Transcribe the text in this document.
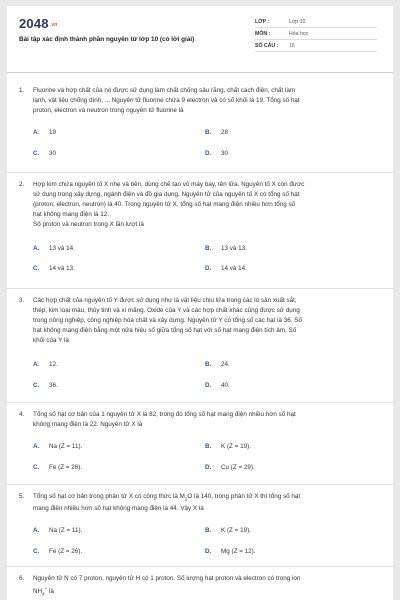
2048.vn
Bài tập xác định thành phần nguyên tử lớp 10 (có lời giải)
LỚP :	Lớp 10
MÔN :	Hóa học
SỐ CÂU :	15
1.	Fluorine và hợp chất của nó được sử dụng làm chất chống sâu răng, chất cách điện, chất làm
lạnh, vật liệu chống dính, ... Nguyên tử fluorine chứa 9 electron và có số khối là 19. Tổng số hạt
proton, electron và neutron trong nguyên tử fluorine là
A. 19	B. 28
C. 30	D. 30
2.	Hợp kim chứa nguyên tố X nhẹ và bền, dùng chế tạo vỏ máy bay, tên lửa. Nguyên tố X còn được
sử dụng trong xây dựng, ngành điện và đồ gia dụng. Nguyên tử của nguyên tố X có tổng số hạt
(proton, electron, neutron) là 40. Trong nguyên tử X, tổng số hạt mang điện nhiều hơn tổng số
hạt không mang điện là 12.
Số proton và neutron trong X lần lượt là
A. 13 và 14.	B. 13 và 13.
C. 14 và 13.	D. 14 và 14.
3.	Các hợp chất của nguyên tố Y được sử dụng như là vật liệu chịu lửa trong các lò sản xuất sắt,
thép, kim loại màu, thủy tinh và xi măng. Oxide của Y và các hợp chất khác cũng được sử dụng
trong nông nghiệp, công nghiệp hóa chất và xây dựng. Nguyên tử Y có tổng số các hạt là 36. Số
hạt không mang điện bằng một nửa hiệu số giữa tổng số hạt với số hạt mang điện tích âm. Số
khối của Y là
A. 12.	B. 24.
C. 36.	D. 40.
4.	Tổng số hạt cơ bản của 1 nguyên tử X là 82, trong đó tổng số hạt mang điện nhiều hơn số hạt
không mang điện là 22. Nguyên tử X là
A. Na (Z = 11).	B. K (Z = 19).
C. Fe (Z = 26).	D. Cu (Z = 29).
5.	Tổng số hạt cơ bản trong phân tử X có công thức là $M_2O$ là 140, trong phân tử X thì tổng số hạt
mang điện nhiều hơn số hạt không mang điện là 44. Vậy X là
A. Na (Z = 11).	B. K (Z = 19).
C. Fe (Z = 26).	D. Mg (Z = 12).
6.	Nguyên tử N có 7 proton, nguyên tử H có 1 proton. Số lượng hạt proton và electron có trong ion
$NH_4^+$ là
